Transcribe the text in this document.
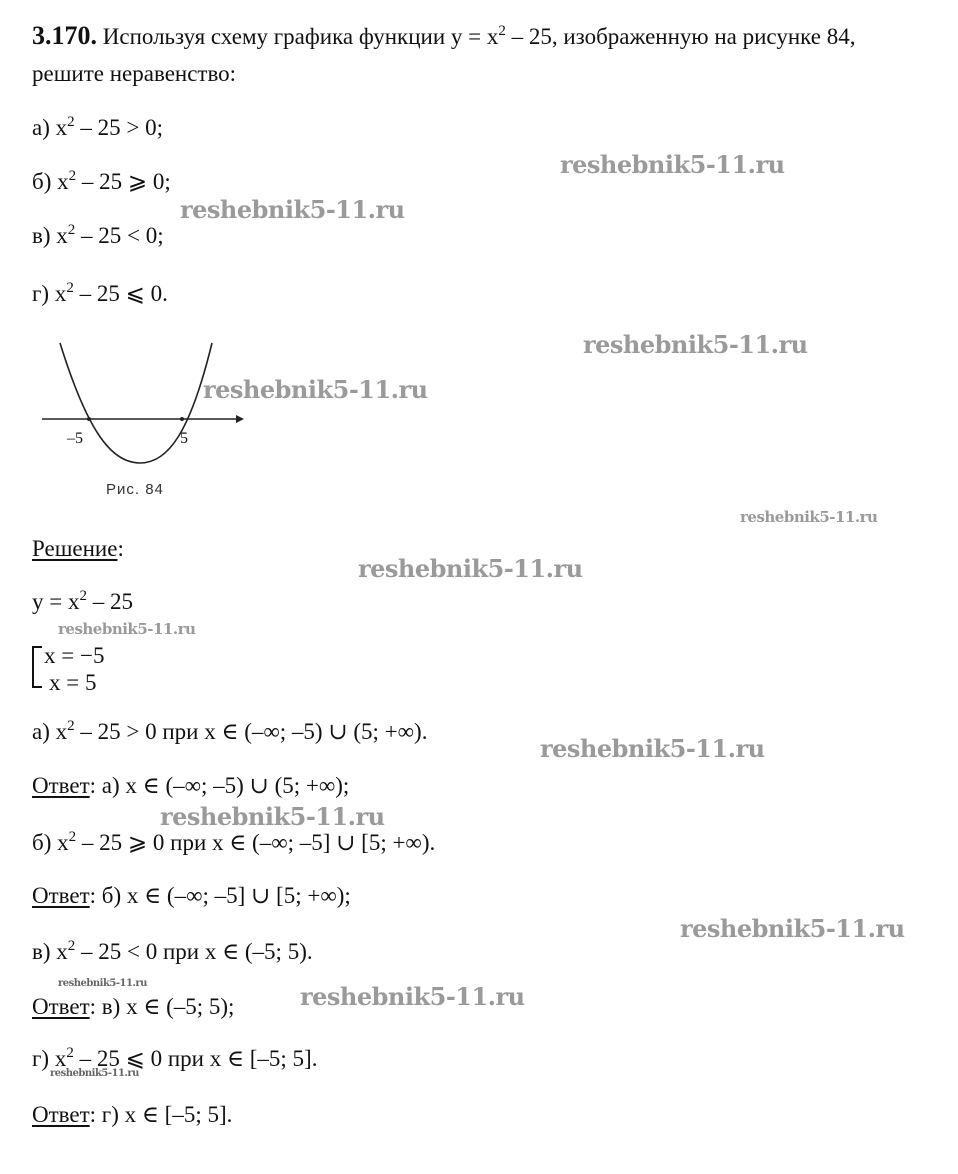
3.170. Используя схему графика функции $y = x^2 - 25$, изображенную на рисунке 84,
решите неравенство:
а) $x^2 - 25 > 0$;
б) $x^2 - 25$ ⩾ 0;
в) $x^2 - 25 < 0$;
г) $x^2 - 25$ ⩽ 0.
–5	5
Рис. 84
Решение:
$y = x^2 - 25$
x = −5
x = 5
а) $x^2 - 25 > 0$ при x ∈ (–∞; –5) ∪ (5; +∞).
Ответ: а) x ∈ (–∞; –5) ∪ (5; +∞);
б) $x^2 - 25$ ⩾ 0 при x ∈ (–∞; –5] ∪ [5; +∞).
Ответ: б) x ∈ (–∞; –5] ∪ [5; +∞);
в) $x^2 - 25 < 0$ при x ∈ (–5; 5).
Ответ: в) x ∈ (–5; 5);
г) $x^2 - 25$ ⩽ 0 при x ∈ [–5; 5].
Ответ: г) x ∈ [–5; 5].
reshebnik5-11.ru
reshebnik5-11.ru
reshebnik5-11.ru
reshebnik5-11.ru
reshebnik5-11.ru
reshebnik5-11.ru
reshebnik5-11.ru
reshebnik5-11.ru
reshebnik5-11.ru
reshebnik5-11.ru
reshebnik5-11.ru	reshebnik5-11.ru
reshebnik5-11.ru
